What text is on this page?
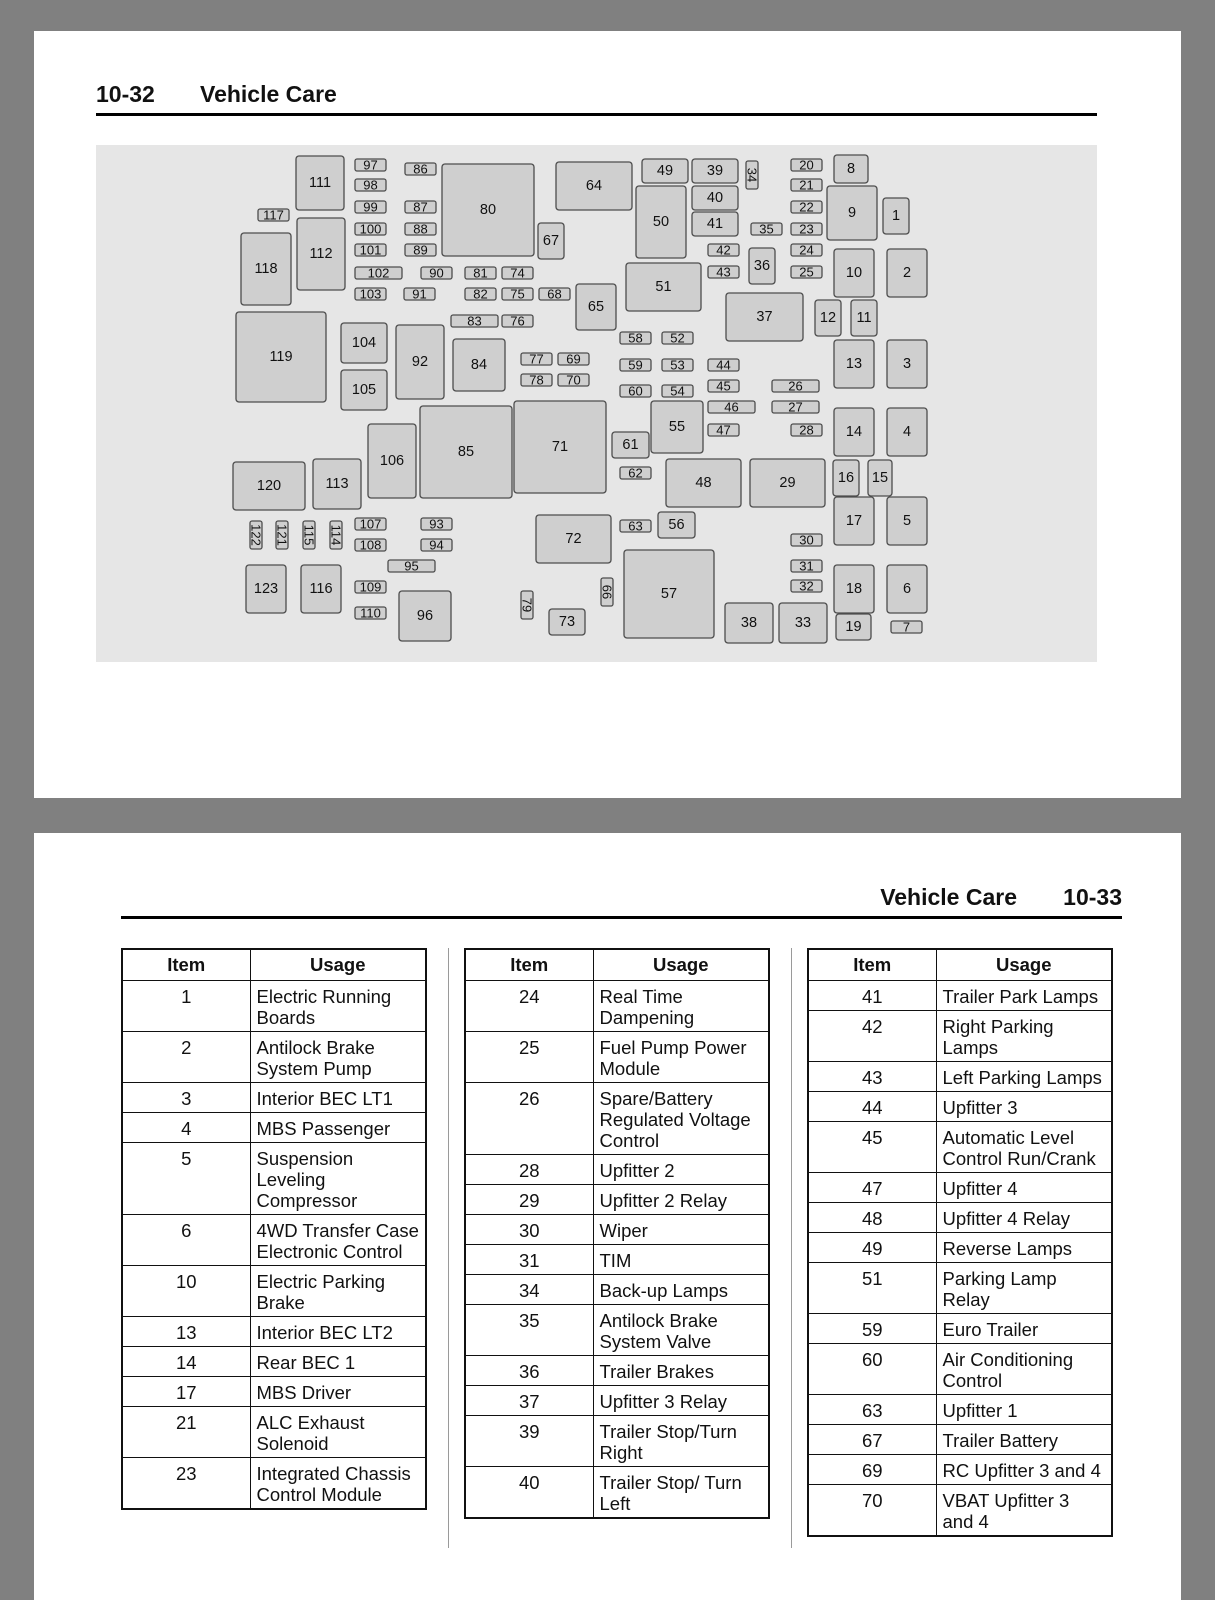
10-32 Vehicle Care
1
2
3
4
5
6
7
8
9
10
11
12
13
14
15
16
17
18
19
20
21
22
23
24
25
26
27
28
29
30
31
32
33
34
35
36
37
38
39
40
41
42
43
44
45
46
47
48
49
50
51
52
53
54
55
56
57
58
59
60
61
62
63
64
65
66
67
68
69
70
71
72
73
74
75
76
77
78
79
80
81
82
83
84
85
86
87
88
89
90
91
92
93
94
95
96
97
98
99
100
101
102
103
104
105
106
107
108
109
110
111
112
113
114
115
116
117
118
119
120
121
122
123
Vehicle Care 10-33
Item	Usage
1	Electric Running Boards
2	Antilock Brake System Pump
3	Interior BEC LT1
4	MBS Passenger
5	Suspension Leveling Compressor
6	4WD Transfer Case Electronic Control
10	Electric Parking Brake
13	Interior BEC LT2
14	Rear BEC 1
17	MBS Driver
21	ALC Exhaust Solenoid
23	Integrated Chassis Control Module
Item	Usage
24	Real Time Dampening
25	Fuel Pump Power Module
26	Spare/Battery Regulated Voltage Control
28	Upfitter 2
29	Upfitter 2 Relay
30	Wiper
31	TIM
34	Back-up Lamps
35	Antilock Brake System Valve
36	Trailer Brakes
37	Upfitter 3 Relay
39	Trailer Stop/Turn Right
40	Trailer Stop/ Turn Left
Item	Usage
41	Trailer Park Lamps
42	Right Parking Lamps
43	Left Parking Lamps
44	Upfitter 3
45	Automatic Level Control Run/Crank
47	Upfitter 4
48	Upfitter 4 Relay
49	Reverse Lamps
51	Parking Lamp Relay
59	Euro Trailer
60	Air Conditioning Control
63	Upfitter 1
67	Trailer Battery
69	RC Upfitter 3 and 4
70	VBAT Upfitter 3 and 4
